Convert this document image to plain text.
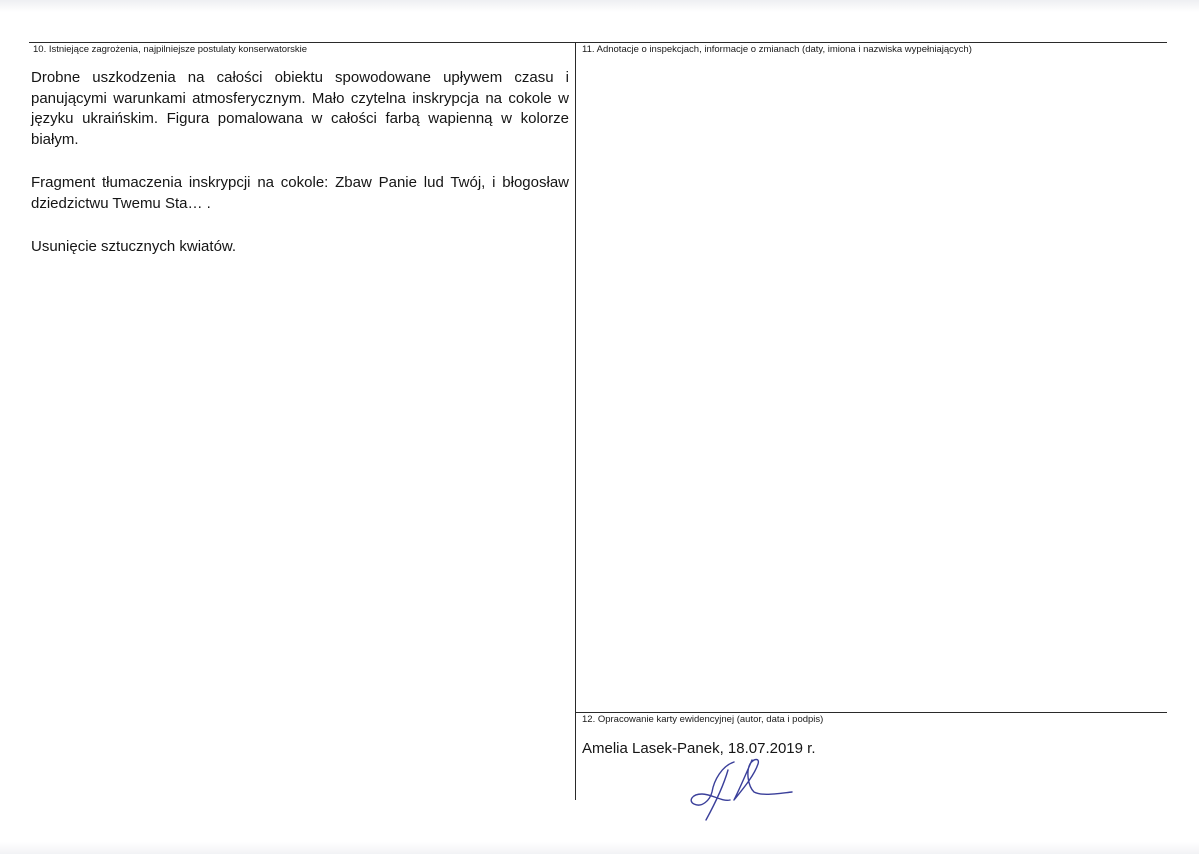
10. Istniejące zagrożenia, najpilniejsze postulaty konserwatorskie

Drobne uszkodzenia na całości obiektu spowodowane upływem czasu i panującymi warunkami atmosferycznym. Mało czytelna inskrypcja na cokole w języku ukraińskim. Figura pomalowana w całości farbą wapienną w kolorze białym.

Fragment tłumaczenia inskrypcji na cokole: Zbaw Panie lud Twój, i błogosław dziedzictwu Twemu Sta… .

Usunięcie sztucznych kwiatów.

11. Adnotacje o inspekcjach, informacje o zmianach (daty, imiona i nazwiska wypełniających)
12. Opracowanie karty ewidencyjnej (autor, data i podpis)
Amelia Lasek-Panek, 18.07.2019 r.
